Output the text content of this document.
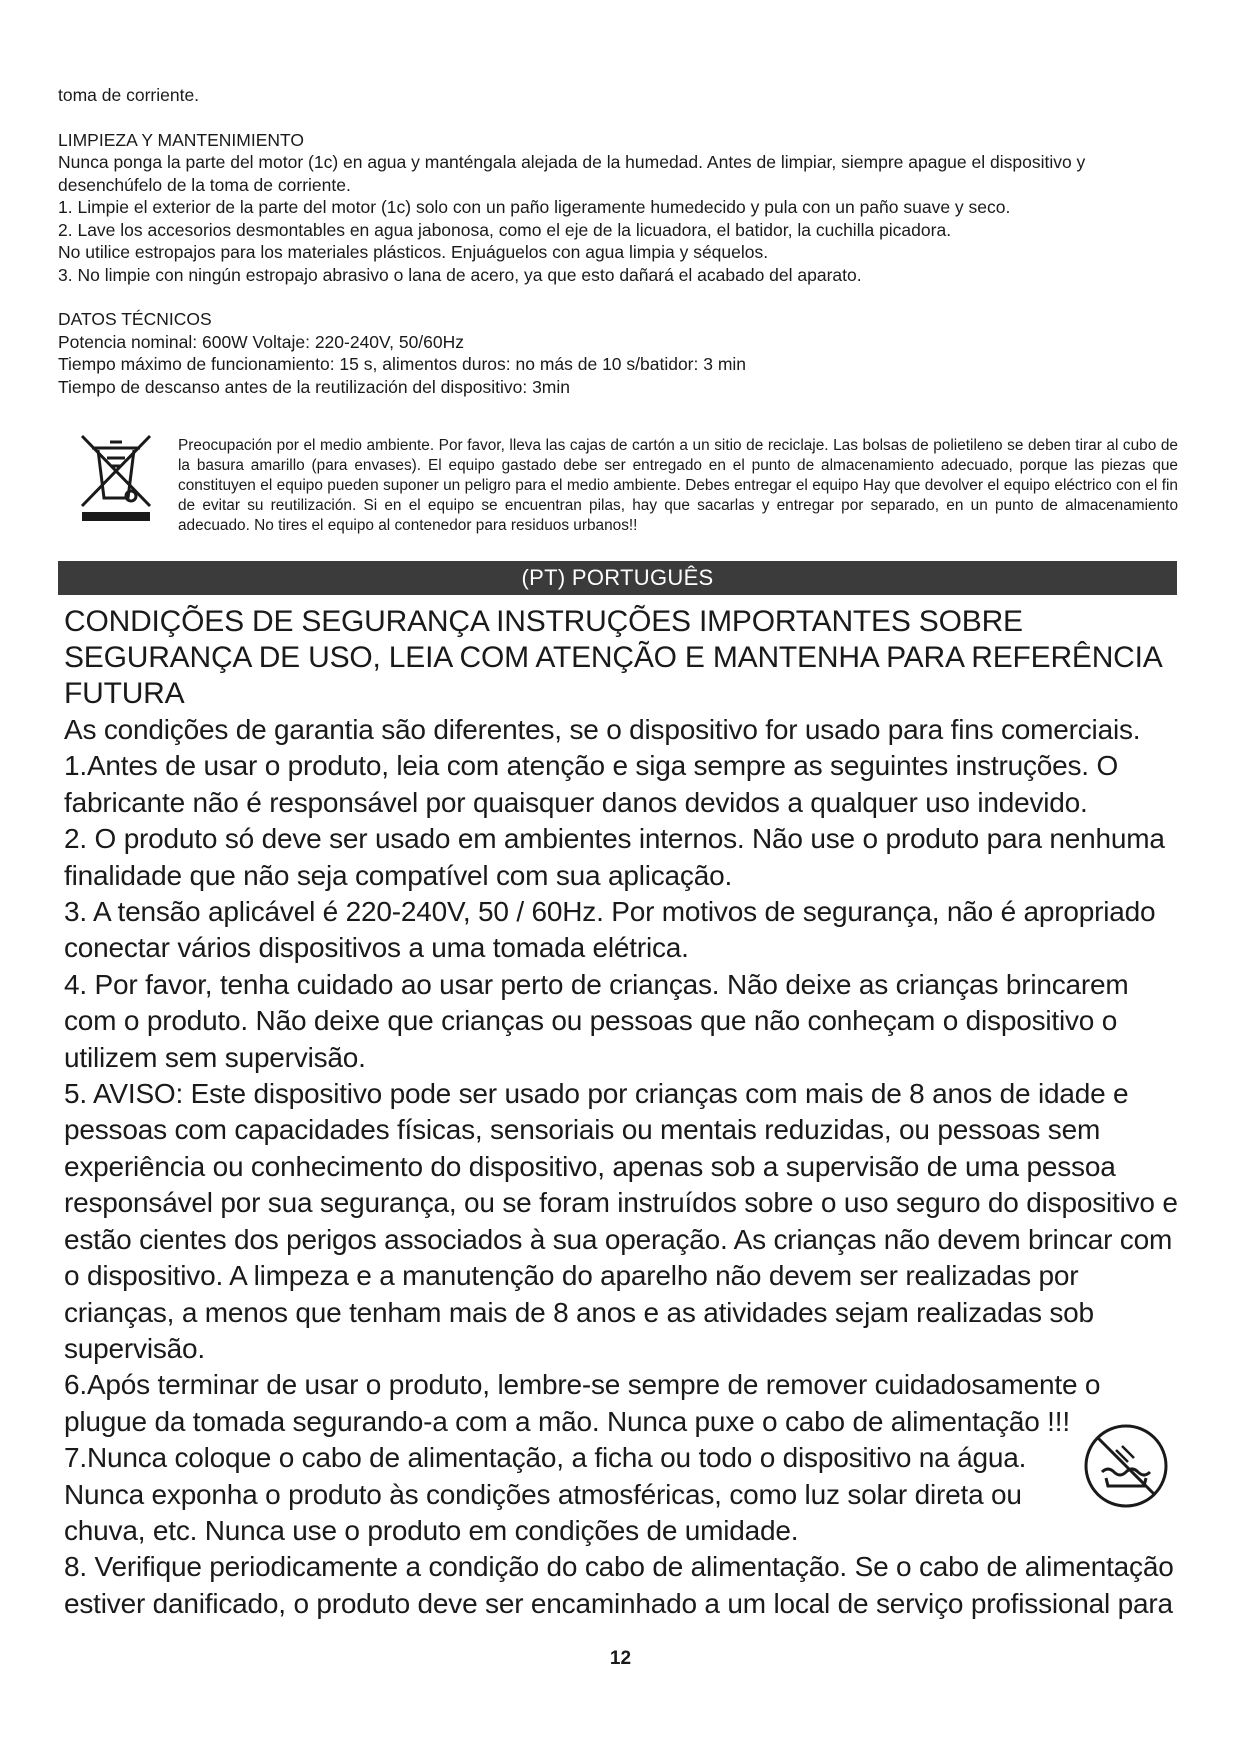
toma de corriente.

LIMPIEZA Y MANTENIMIENTO

Nunca ponga la parte del motor (1c) en agua y manténgala alejada de la humedad. Antes de limpiar, siempre apague el dispositivo y desenchúfelo de la toma de corriente.

1. Limpie el exterior de la parte del motor (1c) solo con un paño ligeramente humedecido y pula con un paño suave y seco.

2. Lave los accesorios desmontables en agua jabonosa, como el eje de la licuadora, el batidor, la cuchilla picadora.

No utilice estropajos para los materiales plásticos. Enjuáguelos con agua limpia y séquelos.

3. No limpie con ningún estropajo abrasivo o lana de acero, ya que esto dañará el acabado del aparato.

DATOS TÉCNICOS

Potencia nominal: 600W Voltaje: 220-240V, 50/60Hz

Tiempo máximo de funcionamiento: 15 s, alimentos duros: no más de 10 s/batidor: 3 min

Tiempo de descanso antes de la reutilización del dispositivo: 3min

Preocupación por el medio ambiente. Por favor, lleva las cajas de cartón a un sitio de reciclaje. Las bolsas de polietileno se deben tirar al cubo de la basura amarillo (para envases). El equipo gastado debe ser entregado en el punto de almacenamiento adecuado, porque las piezas que constituyen el equipo pueden suponer un peligro para el medio ambiente. Debes entregar el equipo Hay que devolver el equipo eléctrico con el fin de evitar su reutilización. Si en el equipo se encuentran pilas, hay que sacarlas y entregar por separado, en un punto de almacenamiento adecuado. No tires el equipo al contenedor para residuos urbanos!!

(PT) PORTUGUÊS

CONDIÇÕES DE SEGURANÇA INSTRUÇÕES IMPORTANTES SOBRE SEGURANÇA DE USO, LEIA COM ATENÇÃO E MANTENHA PARA REFERÊNCIA FUTURA

As condições de garantia são diferentes, se o dispositivo for usado para fins comerciais.

1.Antes de usar o produto, leia com atenção e siga sempre as seguintes instruções. O fabricante não é responsável por quaisquer danos devidos a qualquer uso indevido.

2. O produto só deve ser usado em ambientes internos. Não use o produto para nenhuma finalidade que não seja compatível com sua aplicação.

3. A tensão aplicável é 220-240V, 50 / 60Hz. Por motivos de segurança, não é apropriado conectar vários dispositivos a uma tomada elétrica.

4. Por favor, tenha cuidado ao usar perto de crianças. Não deixe as crianças brincarem com o produto. Não deixe que crianças ou pessoas que não conheçam o dispositivo o utilizem sem supervisão.

5. AVISO: Este dispositivo pode ser usado por crianças com mais de 8 anos de idade e pessoas com capacidades físicas, sensoriais ou mentais reduzidas, ou pessoas sem experiência ou conhecimento do dispositivo, apenas sob a supervisão de uma pessoa responsável por sua segurança, ou se foram instruídos sobre o uso seguro do dispositivo e estão cientes dos perigos associados à sua operação. As crianças não devem brincar com o dispositivo. A limpeza e a manutenção do aparelho não devem ser realizadas por crianças, a menos que tenham mais de 8 anos e as atividades sejam realizadas sob supervisão.

6.Após terminar de usar o produto, lembre-se sempre de remover cuidadosamente o plugue da tomada segurando-a com a mão. Nunca puxe o cabo de alimentação !!!

7.Nunca coloque o cabo de alimentação, a ficha ou todo o dispositivo na água. Nunca exponha o produto às condições atmosféricas, como luz solar direta ou chuva, etc. Nunca use o produto em condições de umidade.

8. Verifique periodicamente a condição do cabo de alimentação. Se o cabo de alimentação estiver danificado, o produto deve ser encaminhado a um local de serviço profissional para

12
